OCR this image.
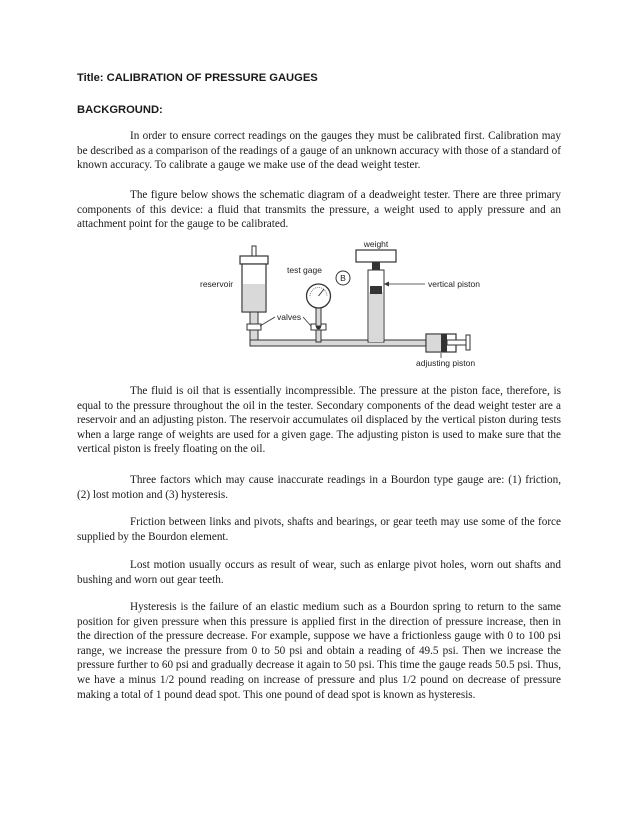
Title: CALIBRATION OF PRESSURE GAUGES
BACKGROUND:

In order to ensure correct readings on the gauges they must be calibrated first. Calibration may be described as a comparison of the readings of a gauge of an unknown accuracy with those of a standard of known accuracy. To calibrate a gauge we make use of the dead weight tester.

The figure below shows the schematic diagram of a deadweight tester. There are three primary components of this device: a fluid that transmits the pressure, a weight used to apply pressure and an attachment point for the gauge to be calibrated.

B
weight
test gage
reservoir	vertical piston
valves
adjusting piston

The fluid is oil that is essentially incompressible. The pressure at the piston face, therefore, is equal to the pressure throughout the oil in the tester. Secondary components of the dead weight tester are a reservoir and an adjusting piston. The reservoir accumulates oil displaced by the vertical piston during tests when a large range of weights are used for a given gage. The adjusting piston is used to make sure that the vertical piston is freely floating on the oil.

Three factors which may cause inaccurate readings in a Bourdon type gauge are: (1) friction, (2) lost motion and (3) hysteresis.

Friction between links and pivots, shafts and bearings, or gear teeth may use some of the force supplied by the Bourdon element.

Lost motion usually occurs as result of wear, such as enlarge pivot holes, worn out shafts and bushing and worn out gear teeth.

Hysteresis is the failure of an elastic medium such as a Bourdon spring to return to the same position for given pressure when this pressure is applied first in the direction of pressure increase, then in the direction of the pressure decrease. For example, suppose we have a frictionless gauge with 0 to 100 psi range, we increase the pressure from 0 to 50 psi and obtain a reading of 49.5 psi. Then we increase the pressure further to 60 psi and gradually decrease it again to 50 psi. This time the gauge reads 50.5 psi. Thus, we have a minus 1/2 pound reading on increase of pressure and plus 1/2 pound on decrease of pressure making a total of 1 pound dead spot. This one pound of dead spot is known as hysteresis.
